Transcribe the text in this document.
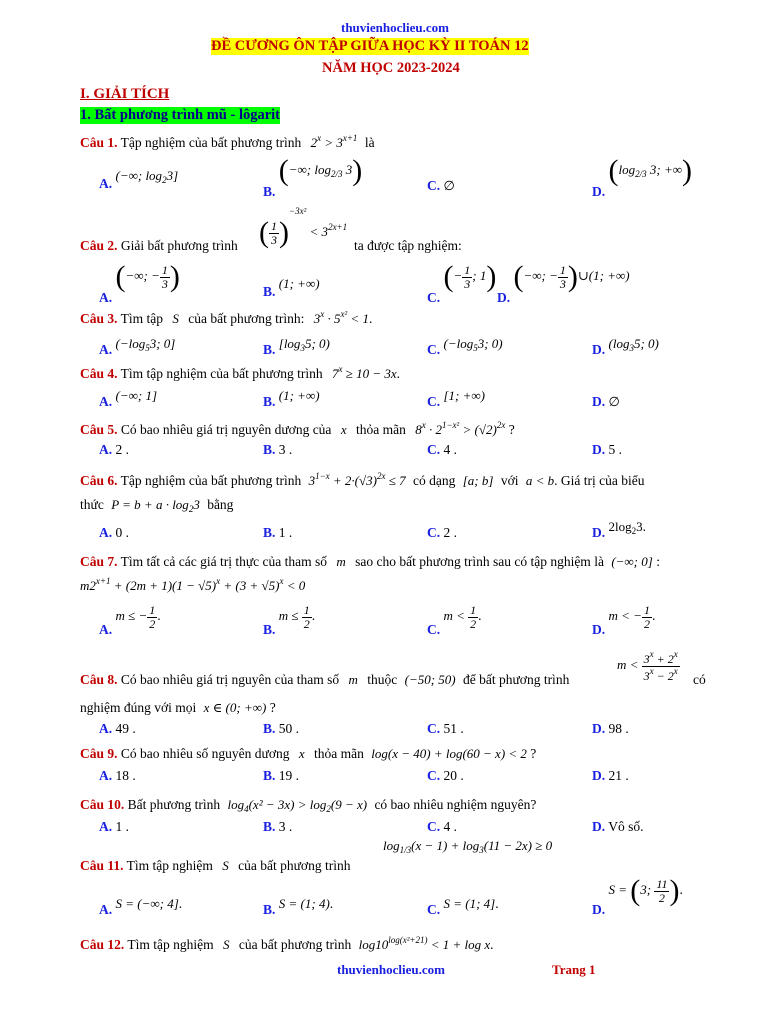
thuvienhoclieu.com
ĐỀ CƯƠNG ÔN TẬP GIỮA HỌC KỲ II TOÁN 12
NĂM HỌC 2023-2024
I. GIẢI TÍCH
1. Bất phương trình mũ - lôgarit
Câu 1. Tập nghiệm của bất phương trình $2^x > 3^{x+1}$ là
A. (−∞; $\log_23$]
B. (−∞; $\log_{2/3} 3$)	C. ∅	D. ($\log_{2/3}$ 3; +∞)
Câu 2. Giải bất phương trình ( $\frac{1}{3} )^{-3x^2} < 3^{2x+1}$
ta được tập nghiệm:
A. (−∞; − $\frac{1}{3}$ )	B. (1; +∞)
C. (− $\frac{1}{3}$ ; 1)
D. (−∞; − $\frac{1}{3}$ )∪(1; +∞)
Câu 3. Tìm tập S của bất phương trình: $3^x \cdot 5^{x^2} < 1$.
A. ($-\log_53$; 0]	B. [$\log_35$; 0)	C. ($-\log_53$; 0)	D. ($\log_35$; 0)
Câu 4. Tìm tập nghiệm của bất phương trình $7^x \ge 10 - 3x$.
A. (−∞; 1]	B. (1; +∞)	C. [1; +∞)	D. ∅
Câu 5. Có bao nhiêu giá trị nguyên dương của x thỏa mãn $8^x \cdot 2^{1-x^2} > (√2)^{2x}$ ?
A. 2 .	B. 3 .	C. 4 .	D. 5 .
Câu 6. Tập nghiệm của bất phương trình $3^{1-x} + 2\cdot(√3)^{2x} \le 7$ có dạng [a; b] với a < b. Giá trị của biểu
thức $P = b + a \cdot \log_23$ bằng
A. 0 .	B. 1 .	C. 2 .	D. $2\log_23$.
Câu 7. Tìm tất cả các giá trị thực của tham số m sao cho bất phương trình sau có tập nghiệm là (−∞; 0] :
$m2^{x+1} + (2m + 1)(1 - √5)^x + (3 + √5)^x < 0$
A. m ≤ − $\frac{1}{2}$ .
B. $m \le \frac{1}{2}$ .
C. $m < \frac{1}{2}$ .
D. m < − $\frac{1}{2}$ .
Câu 8. Có bao nhiêu giá trị nguyên của tham số m thuộc (−50; 50) để bất phương trình
$m < \frac{3^x + 2^x}{3^x - 2^x}$ có
nghiệm đúng với mọi x ∈ (0; +∞) ?
A. 49 .	B. 50 .	C. 51 .	D. 98 .
Câu 9. Có bao nhiêu số nguyên dương x thỏa mãn log(x − 40) + log(60 − x) < 2 ?
A. 18 .	B. 19 .	C. 20 .	D. 21 .
Câu 10. Bất phương trình $\log_4(x^2 - 3x) > \log_2(9 - x)$ có bao nhiêu nghiệm nguyên?
A. 1 .	B. 3 .	C. 4 .	D. Vô số.
$\log_{1/3}(x - 1) + \log_3(11 - 2x) \ge 0$
Câu 11. Tìm tập nghiệm S của bất phương trình
A. S = (−∞; 4].	B. S = (1; 4).	C. S = (1; 4].	D. S = (3; $\frac{11}{2}$ ).
Câu 12. Tìm tập nghiệm S của bất phương trình $\log 10^{log(x^2+21)} < 1 + \log x$.
thuvienhoclieu.com	Trang 1
